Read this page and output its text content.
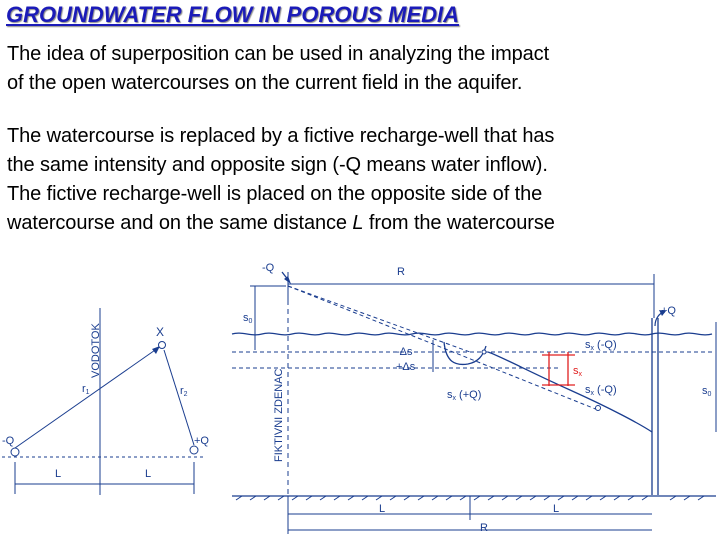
GROUNDWATER FLOW IN POROUS MEDIA
The idea of superposition can be used in analyzing the impact
of the open watercourses on the current field in the aquifer.
The watercourse is replaced by a fictive recharge-well that has
the same intensity and opposite sign (-Q means water inflow).
The fictive recharge-well is placed on the opposite side of the
watercourse and on the same distance L from the watercourse
VODOTOK	X
r1	r2
-Q	+Q
L	L
-Q
+Q
R
s0
s0
FIKTIVNI ZDENAC
-Δs
+Δs
sx (-Q)
sx
sx (-Q)
sx (+Q)
L	L
R
